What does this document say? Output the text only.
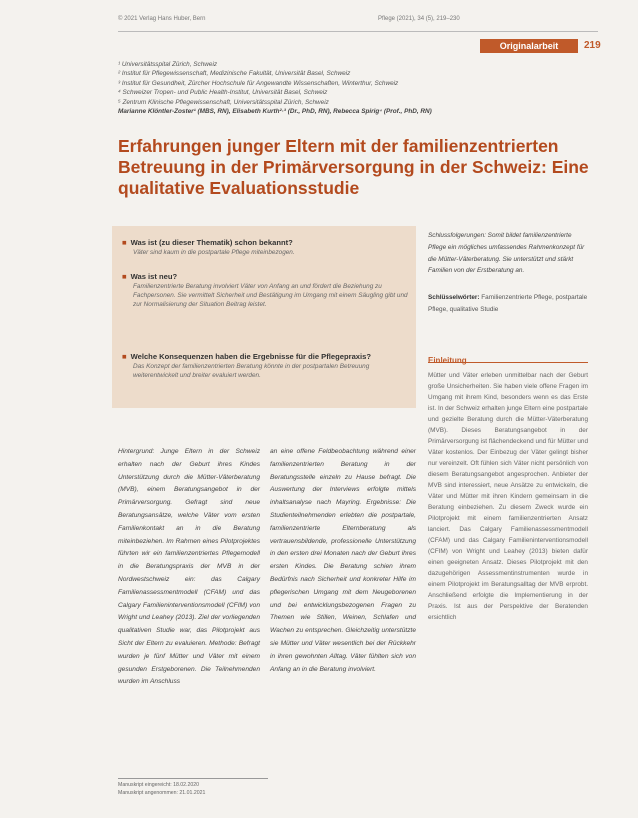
© 2021 Verlag Hans Huber, Bern	Pflege (2021), 34 (5), 219–230
Originalarbeit	219
¹ Universitätsspital Zürich, Schweiz
² Institut für Pflegewissenschaft, Medizinische Fakultät, Universität Basel, Schweiz
³ Institut für Gesundheit, Zürcher Hochschule für Angewandte Wissenschaften, Winterthur, Schweiz
⁴ Schweizer Tropen- und Public Health-Institut, Universität Basel, Schweiz
⁵ Zentrum Klinische Pflegewissenschaft, Universitätsspital Zürich, Schweiz
Marianne Klöntler-Zoster¹ (MBS, RN), Elisabeth Kurth²·³ (Dr., PhD, RN), Rebecca Spirig⁴ (Prof., PhD, RN)
Erfahrungen junger Eltern mit der familienzentrierten Betreuung in der Primärversorgung in der Schweiz: Eine qualitative Evaluationsstudie
■ Was ist (zu dieser Thematik) schon bekannt?
Väter sind kaum in die postpartale Pflege miteinbezogen.
■ Was ist neu?
Familienzentrierte Beratung involviert Väter von Anfang an und fördert die Beziehung zu Fachpersonen. Sie vermittelt Sicherheit und Bestätigung im Umgang mit einem Säugling gibt und zur Normalisierung der Situation Beitrag leistet.
■ Welche Konsequenzen haben die Ergebnisse für die Pflegepraxis?
Das Konzept der familienzentrierten Beratung könnte in der postpartalen Betreuung weiterentwickelt und breiter evaluiert werden.
Hintergrund: Junge Eltern in der Schweiz erhalten nach der Geburt ihres Kindes Unterstützung durch die Mütter-Väterberatung (MVB), einem Beratungsangebot in der Primärversorgung. Gefragt sind neue Beratungsansätze, welche Väter vom ersten Familienkontakt an in die Beratung miteinbeziehen. Im Rahmen eines Pilotprojektes führten wir ein familienzentriertes Pflegemodell in die Beratungspraxis der MVB in der Nordwestschweiz ein: das Calgary Familienassessmentmodell (CFAM) und das Calgary Familieninterventionsmodell (CFIM) von Wright und Leahey (2013). Ziel der vorliegenden qualitativen Studie war, das Pilotprojekt aus Sicht der Eltern zu evaluieren. Methode: Befragt wurden je fünf Mütter und Väter mit einem gesunden Erstgeborenen. Die Teilnehmenden wurden im Anschluss
an eine offene Feldbeobachtung während einer familienzentrierten Beratung in der Beratungsstelle einzeln zu Hause befragt. Die Auswertung der Interviews erfolgte mittels inhaltsanalyse nach Mayring. Ergebnisse: Die Studienteilnehmenden erlebten die postpartale, familienzentrierte Elternberatung als vertrauensbildende, professionelle Unterstützung in den ersten drei Monaten nach der Geburt ihres ersten Kindes. Die Beratung schien ihrem Bedürfnis nach Sicherheit und konkreter Hilfe im pflegerischen Umgang mit dem Neugeborenen und bei entwicklungsbezogenen Fragen zu Themen wie Stillen, Weinen, Schlafen und Wachen zu entsprechen. Gleichzeitig unterstützte sie Mütter und Väter wesentlich bei der Rückkehr in ihren gewohnten Alltag. Väter fühlten sich von Anfang an in die Beratung involviert.
Schlussfolgerungen: Somit bildet familienzentrierte Pflege ein mögliches umfassendes Rahmenkonzept für die Mütter-Väterberatung. Sie unterstützt und stärkt Familien von der Erstberatung an.
Schlüsselwörter: Familienzentrierte Pflege, postpartale Pflege, qualitative Studie
Einleitung
Mütter und Väter erleben unmittelbar nach der Geburt große Unsicherheiten. Sie haben viele offene Fragen im Umgang mit ihrem Kind, besonders wenn es das Erste ist. In der Schweiz erhalten junge Eltern eine postpartale und gezielte Beratung durch die Mütter-Väterberatung (MVB). Dieses Beratungsangebot in der Primärversorgung ist flächendeckend und für Mütter und Väter kostenlos. Der Einbezug der Väter gelingt bisher nur vereinzelt. Oft fühlen sich Väter nicht persönlich von diesem Beratungsangebot angesprochen. Anbieter der MVB sind interessiert, neue Ansätze zu entwickeln, die Väter und Mütter mit ihren Kindern gemeinsam in die Beratung einbeziehen. Zu diesem Zweck wurde ein Pilotprojekt mit einem familienzentrierten Ansatz lanciert. Das Calgary Familienassessmentmodell (CFAM) und das Calgary Familieninterventionsmodell (CFIM) von Wright und Leahey (2013) bieten dafür einen geeigneten Ansatz. Dieses Pilotprojekt mit den dazugehörigen Assessmentinstrumenten wurde in einem Pilotprojekt im Beratungsalltag der MVB erprobt. Anschließend erfolgte die Implementierung in der Praxis. Ist aus der Perspektive der Beratenden ersichtlich
Manuskript eingereicht: 18.02.2020
Manuskript angenommen: 21.01.2021
